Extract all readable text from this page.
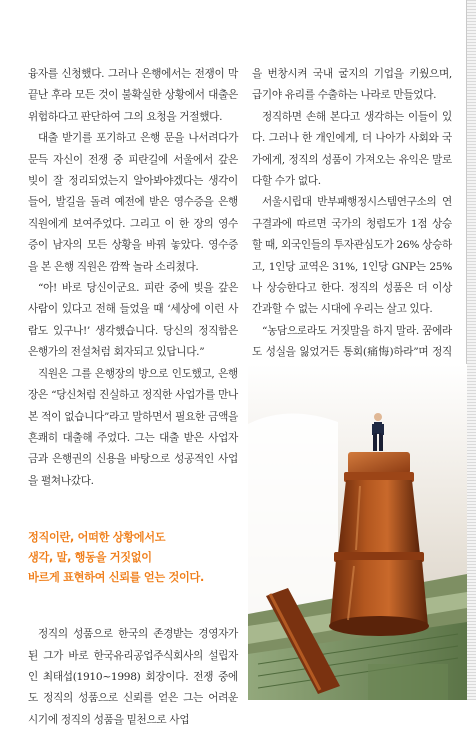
융자를 신청했다. 그러나 은행에서는 전쟁이 막 끝난 후라 모든 것이 불확실한 상황에서 대출은 위험하다고 판단하여 그의 요청을 거절했다.

대출 받기를 포기하고 은행 문을 나서려다가 문득 자신이 전쟁 중 피란길에 서울에서 갚은 빚이 잘 정리되었는지 알아봐야겠다는 생각이 들어, 발길을 돌려 예전에 받은 영수증을 은행 직원에게 보여주었다. 그리고 이 한 장의 영수증이 남자의 모든 상황을 바꿔 놓았다. 영수증을 본 은행 직원은 깜짝 놀라 소리쳤다.

“아! 바로 당신이군요. 피란 중에 빚을 갚은 사람이 있다고 전해 들었을 때 ‘세상에 이런 사람도 있구나!’ 생각했습니다. 당신의 정직함은 은행가의 전설처럼 회자되고 있답니다.”

직원은 그를 은행장의 방으로 인도했고, 은행장은 “당신처럼 진실하고 정직한 사업가를 만나 본 적이 없습니다”라고 말하면서 필요한 금액을 흔쾌히 대출해 주었다. 그는 대출 받은 사업자금과 은행권의 신용을 바탕으로 성공적인 사업을 펼쳐나갔다.

정직이란, 어떠한 상황에서도
생각, 말, 행동을 거짓없이
바르게 표현하여 신뢰를 얻는 것이다.

정직의 성품으로 한국의 존경받는 경영자가 된 그가 바로 한국유리공업주식회사의 설립자인 최태섭(1910~1998) 회장이다. 전쟁 중에도 정직의 성품으로 신뢰를 얻은 그는 어려운 시기에 정직의 성품을 밑천으로 사업

을 번창시켜 국내 굴지의 기업을 키웠으며, 급기야 유리를 수출하는 나라로 만들었다.

정직하면 손해 본다고 생각하는 이들이 있다. 그러나 한 개인에게, 더 나아가 사회와 국가에게, 정직의 성품이 가져오는 유익은 말로 다할 수가 없다.

서울시립대 반부패행정시스템연구소의 연구결과에 따르면 국가의 청렴도가 1점 상승할 때, 외국인들의 투자관심도가 26% 상승하고, 1인당 교역은 31%, 1인당 GNP는 25%나 상승한다고 한다. 정직의 성품은 더 이상 간과할 수 없는 시대에 우리는 살고 있다.

“농담으로라도 거짓말을 하지 말라. 꿈에라도 성실을 잃었거든 통회(痛悔)하라”며 정직
